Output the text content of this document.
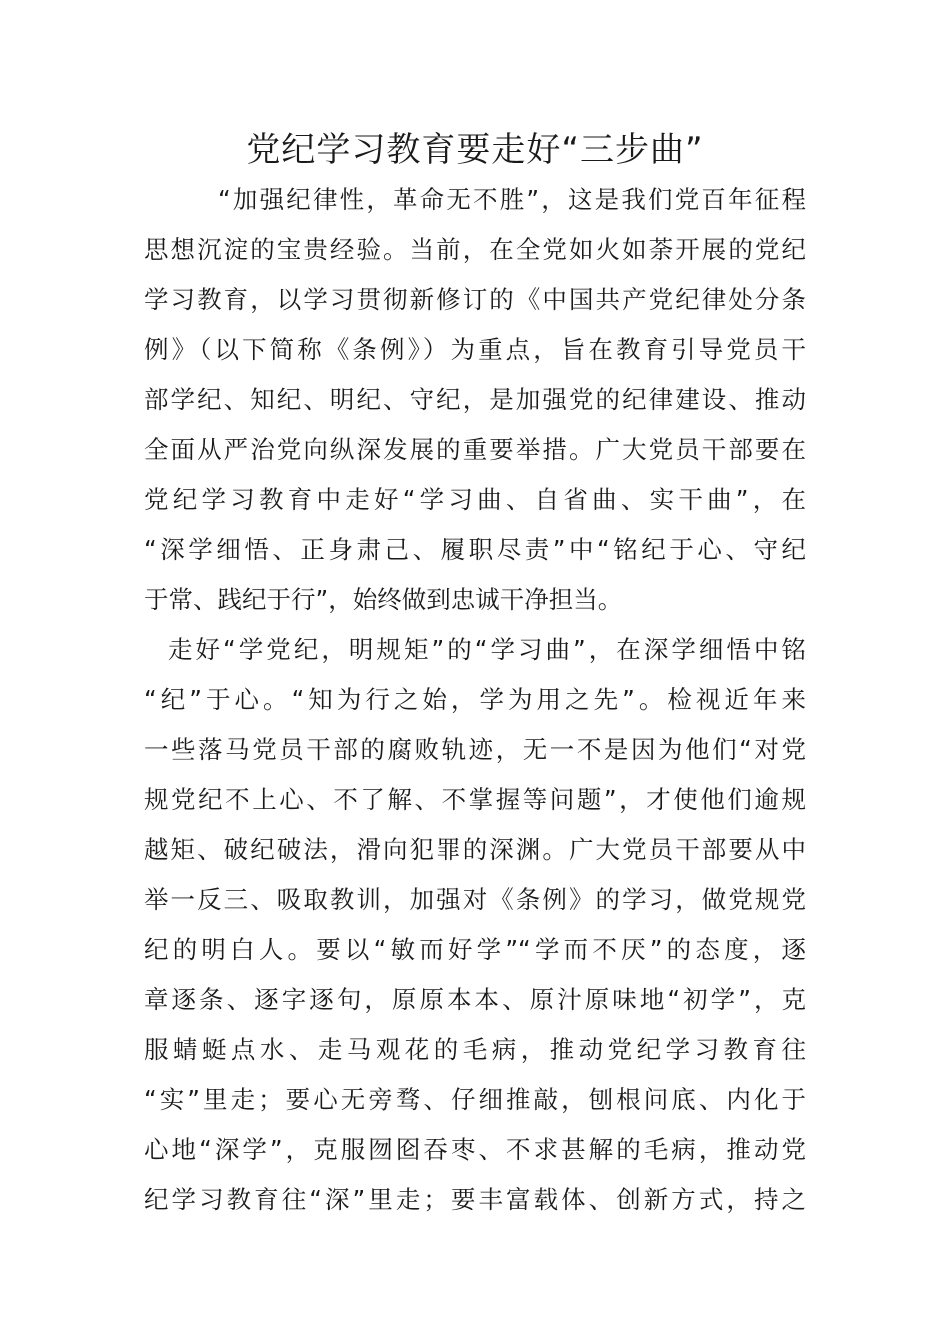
党纪学习教育要走好“三步曲”

“加强纪律性，革命无不胜”，这是我们党百年征程

思想沉淀的宝贵经验。当前，在全党如火如荼开展的党纪

学习教育，以学习贯彻新修订的《中国共产党纪律处分条

例》（以下简称《条例》）为重点，旨在教育引导党员干

部学纪、知纪、明纪、守纪，是加强党的纪律建设、推动

全面从严治党向纵深发展的重要举措。广大党员干部要在

党纪学习教育中走好“学习曲、自省曲、实干曲”，在

“深学细悟、正身肃己、履职尽责”中“铭纪于心、守纪

于常、践纪于行”，始终做到忠诚干净担当。

走好“学党纪，明规矩”的“学习曲”，在深学细悟中铭

“纪”于心。“知为行之始，学为用之先”。检视近年来

一些落马党员干部的腐败轨迹，无一不是因为他们“对党

规党纪不上心、不了解、不掌握等问题”，才使他们逾规

越矩、破纪破法，滑向犯罪的深渊。广大党员干部要从中

举一反三、吸取教训，加强对《条例》的学习，做党规党

纪的明白人。要以“敏而好学”“学而不厌”的态度，逐

章逐条、逐字逐句，原原本本、原汁原味地“初学”，克

服蜻蜓点水、走马观花的毛病，推动党纪学习教育往

“实”里走；要心无旁骛、仔细推敲，刨根问底、内化于

心地“深学”，克服囫囵吞枣、不求甚解的毛病，推动党

纪学习教育往“深”里走；要丰富载体、创新方式，持之
